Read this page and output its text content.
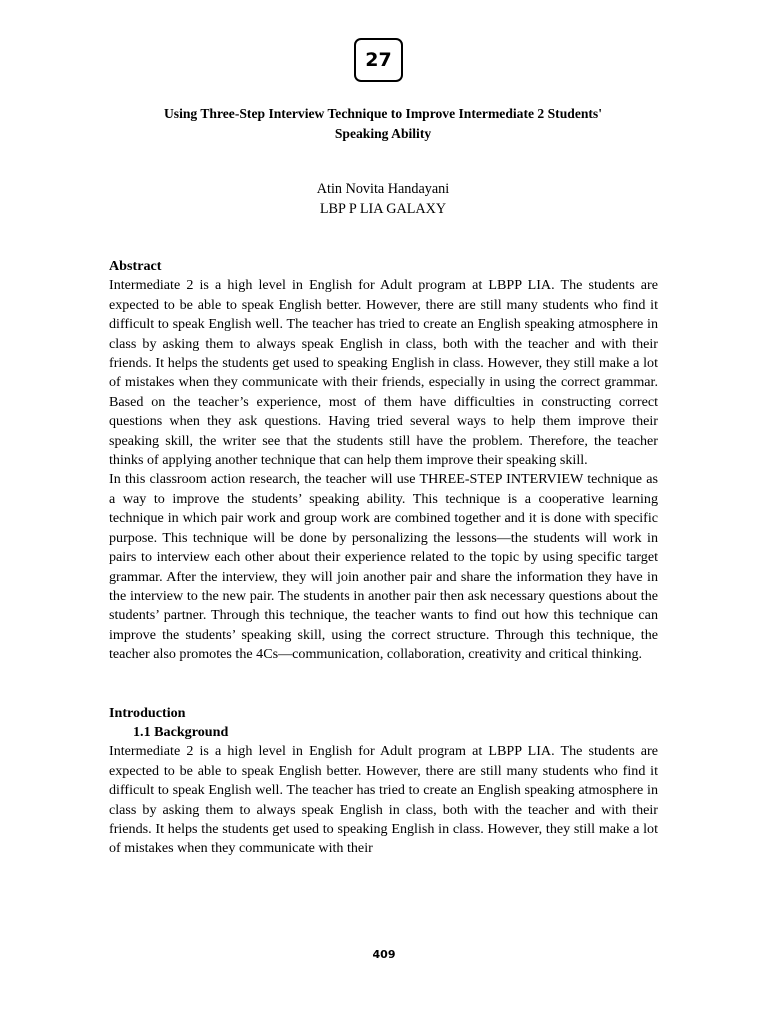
27
Using Three-Step Interview Technique to Improve Intermediate 2 Students'
Speaking Ability
Atin Novita Handayani
LBP P LIA GALAXY
Abstract

Intermediate 2 is a high level in English for Adult program at LBPP LIA. The students are expected to be able to speak English better. However, there are still many students who find it difficult to speak English well. The teacher has tried to create an English speaking atmosphere in class by asking them to always speak English in class, both with the teacher and with their friends. It helps the students get used to speaking English in class. However, they still make a lot of mistakes when they communicate with their friends, especially in using the correct grammar. Based on the teacher’s experience, most of them have difficulties in constructing correct questions when they ask questions. Having tried several ways to help them improve their speaking skill, the writer see that the students still have the problem. Therefore, the teacher thinks of applying another technique that can help them improve their speaking skill.

In this classroom action research, the teacher will use THREE-STEP INTERVIEW technique as a way to improve the students’ speaking ability. This technique is a cooperative learning technique in which pair work and group work are combined together and it is done with specific purpose. This technique will be done by personalizing the lessons—the students will work in pairs to interview each other about their experience related to the topic by using specific target grammar. After the interview, they will join another pair and share the information they have in the interview to the new pair. The students in another pair then ask necessary questions about the students’ partner. Through this technique, the teacher wants to find out how this technique can improve the students’ speaking skill, using the correct structure. Through this technique, the teacher also promotes the 4Cs—communication, collaboration, creativity and critical thinking.

Introduction
1.1 Background

Intermediate 2 is a high level in English for Adult program at LBPP LIA. The students are expected to be able to speak English better. However, there are still many students who find it difficult to speak English well. The teacher has tried to create an English speaking atmosphere in class by asking them to always speak English in class, both with the teacher and with their friends. It helps the students get used to speaking English in class. However, they still make a lot of mistakes when they communicate with their

409
